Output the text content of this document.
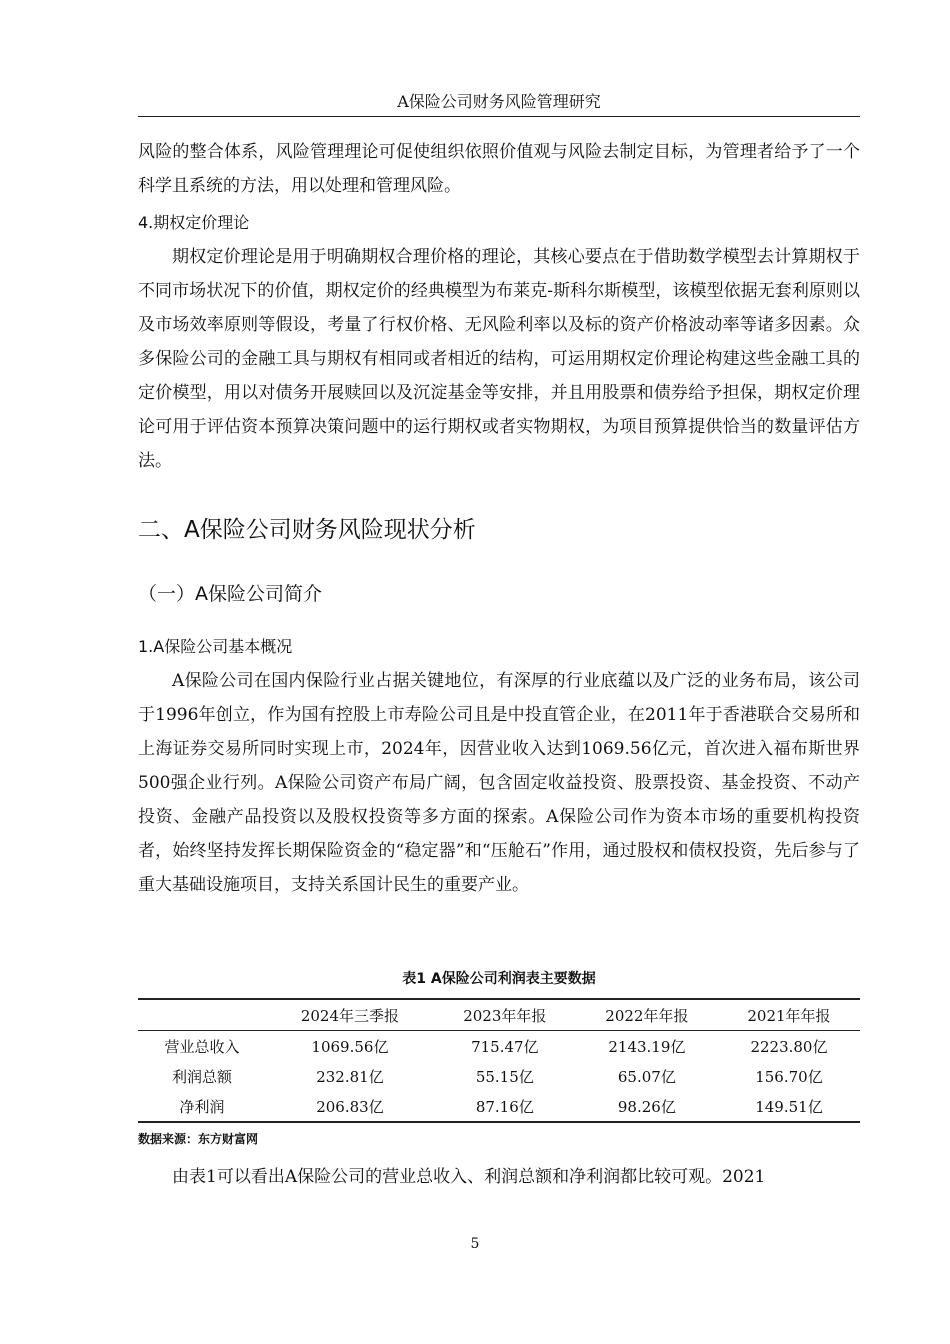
A保险公司财务风险管理研究

风险的整合体系，风险管理理论可促使组织依照价值观与风险去制定目标，为管理者给予了一个科学且系统的方法，用以处理和管理风险。

4.期权定价理论

期权定价理论是用于明确期权合理价格的理论，其核心要点在于借助数学模型去计算期权于不同市场状况下的价值，期权定价的经典模型为布莱克-斯科尔斯模型，该模型依据无套利原则以及市场效率原则等假设，考量了行权价格、无风险利率以及标的资产价格波动率等诸多因素。众多保险公司的金融工具与期权有相同或者相近的结构，可运用期权定价理论构建这些金融工具的定价模型，用以对债务开展赎回以及沉淀基金等安排，并且用股票和债券给予担保，期权定价理论可用于评估资本预算决策问题中的运行期权或者实物期权，为项目预算提供恰当的数量评估方法。

二、A保险公司财务风险现状分析
（一）A保险公司简介

1.A保险公司基本概况

A保险公司在国内保险行业占据关键地位，有深厚的行业底蕴以及广泛的业务布局，该公司于1996年创立，作为国有控股上市寿险公司且是中投直管企业，在2011年于香港联合交易所和上海证券交易所同时实现上市，2024年，因营业收入达到1069.56亿元，首次进入福布斯世界500强企业行列。A保险公司资产布局广阔，包含固定收益投资、股票投资、基金投资、不动产投资、金融产品投资以及股权投资等多方面的探索。A保险公司作为资本市场的重要机构投资者，始终坚持发挥长期保险资金的“稳定器”和“压舱石”作用，通过股权和债权投资，先后参与了重大基础设施项目，支持关系国计民生的重要产业。

表1 A保险公司利润表主要数据
	2024年三季报	2023年年报	2022年年报	2021年年报
营业总收入	1069.56亿	715.47亿	2143.19亿	2223.80亿
利润总额	232.81亿	55.15亿	65.07亿	156.70亿
净利润	206.83亿	87.16亿	98.26亿	149.51亿
数据来源：东方财富网

由表1可以看出A保险公司的营业总收入、利润总额和净利润都比较可观。2021

5
